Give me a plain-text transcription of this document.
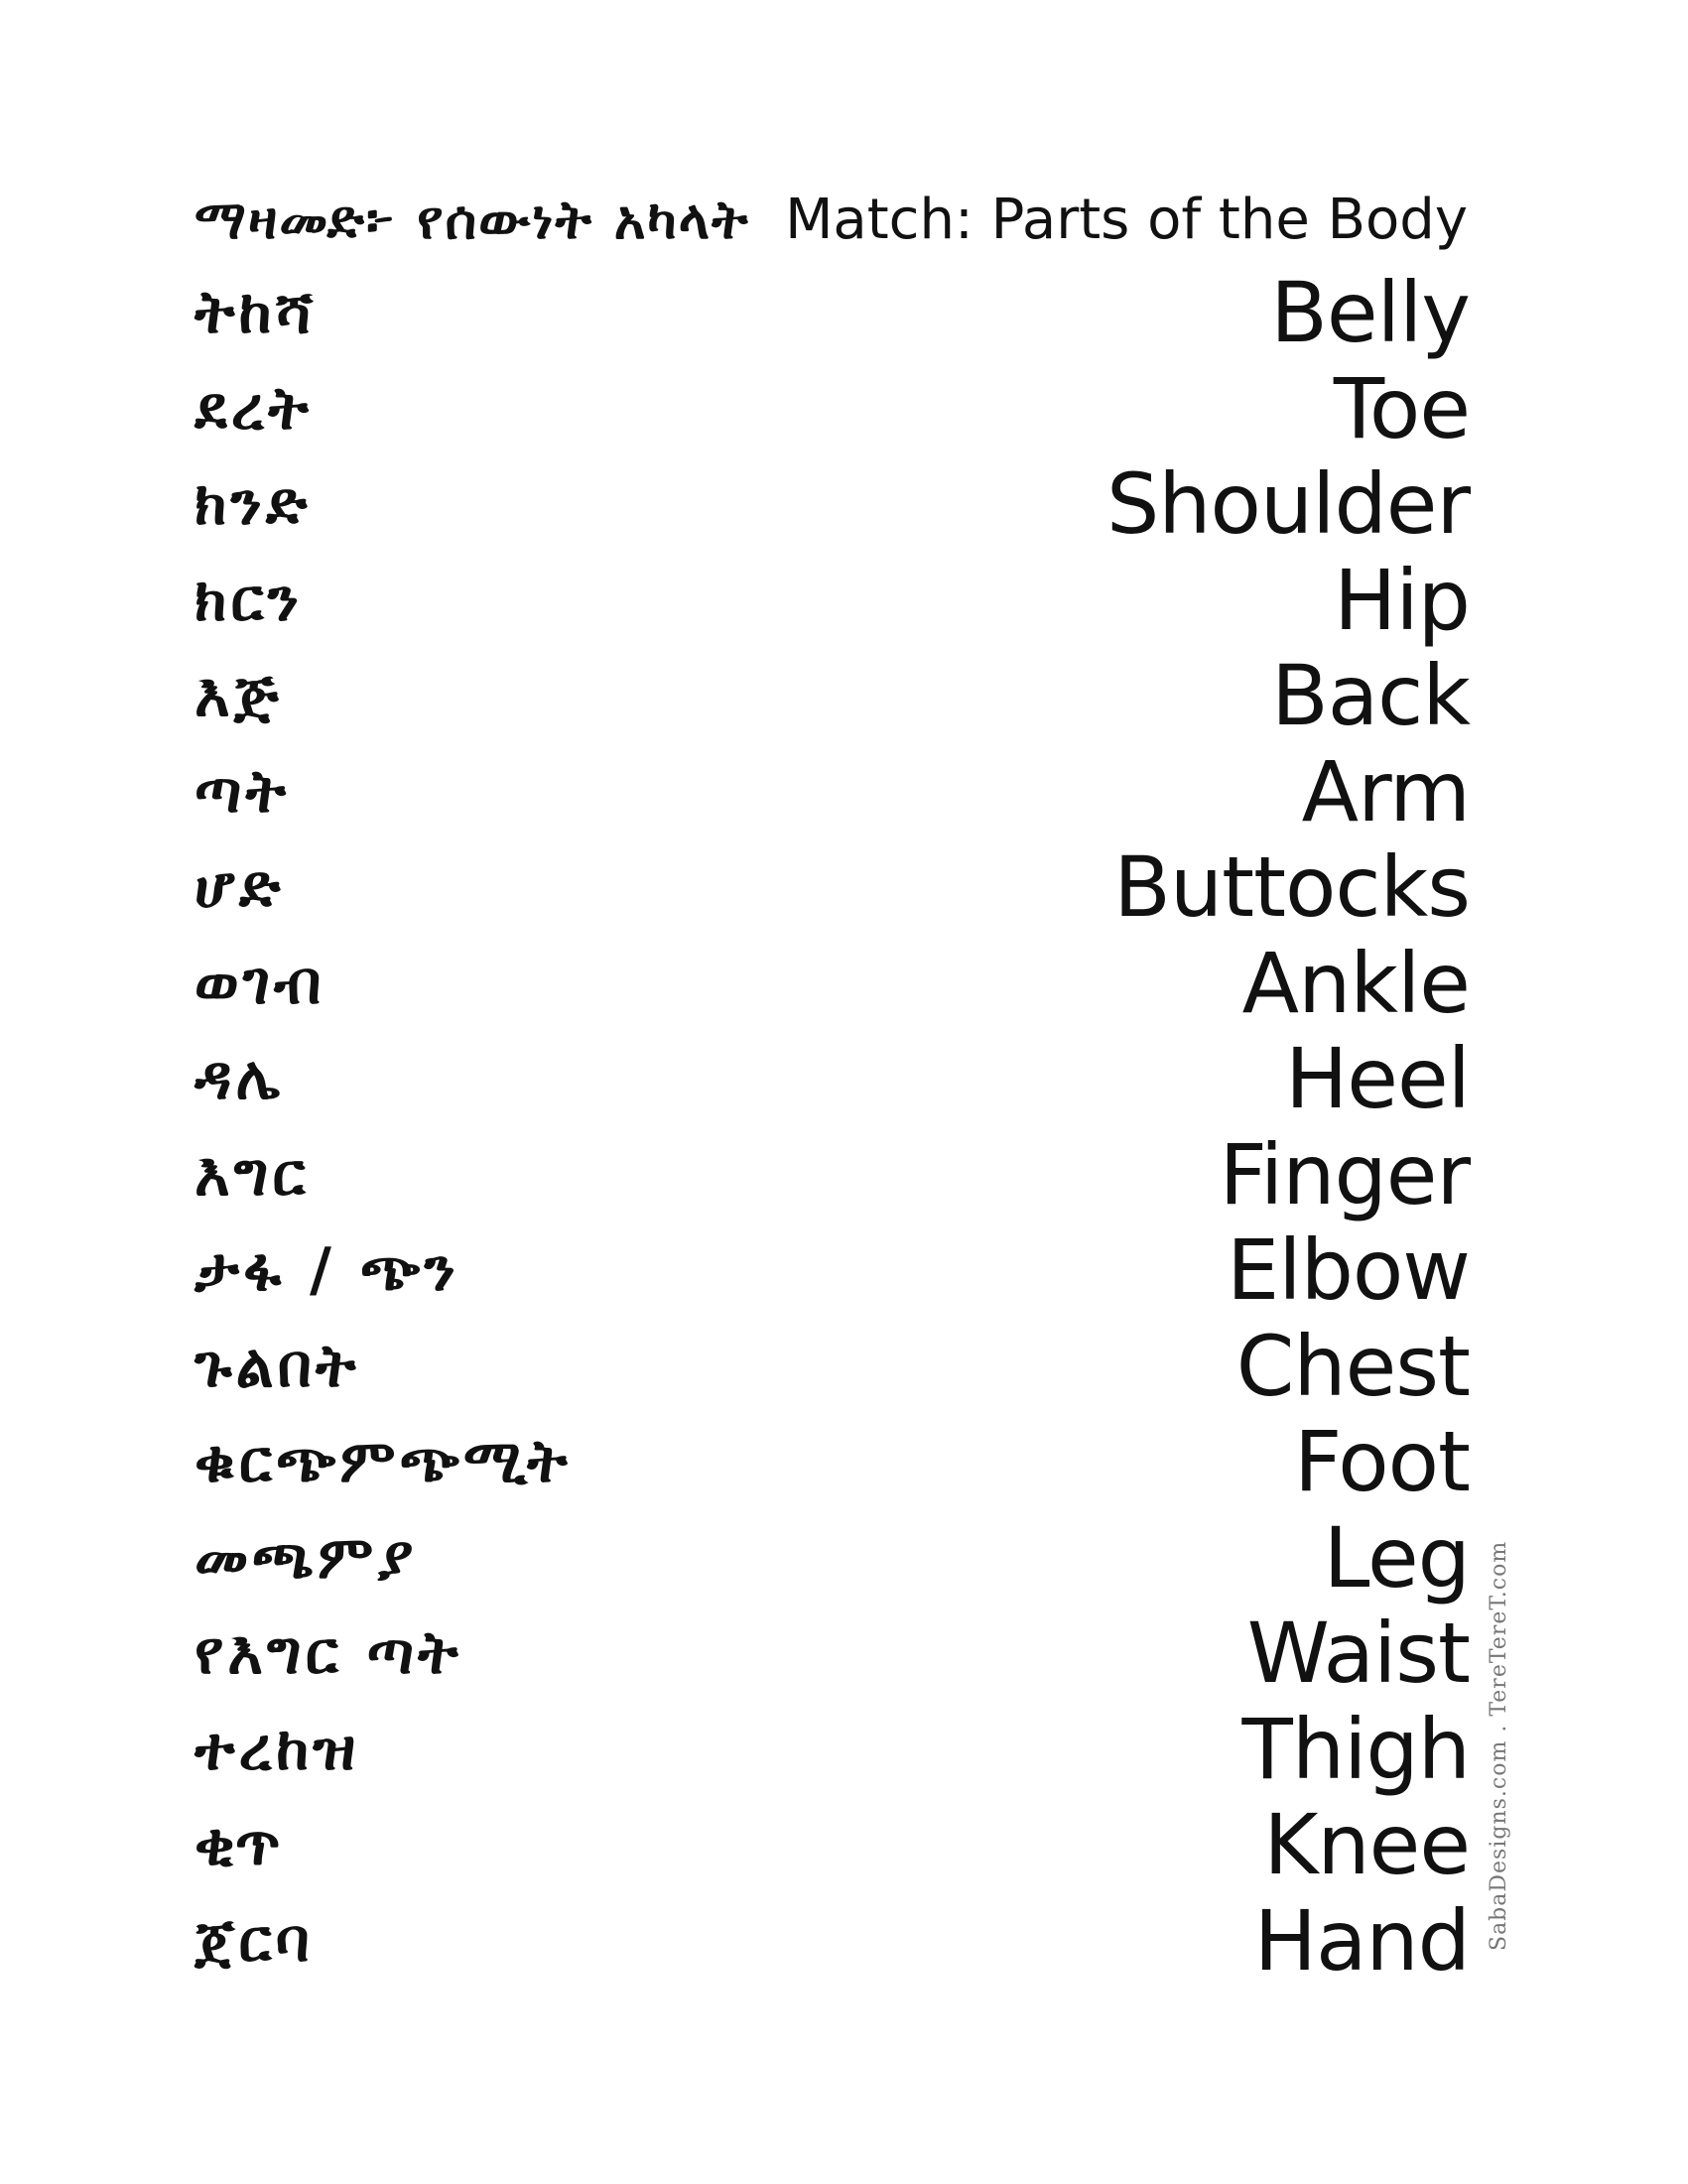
ማዛመድ፦ የሰውነት አካላት Match: Parts of the Body
ትከሻ	Belly
ደረት	Toe
ክንድ	Shoulder
ክርን	Hip
እጅ	Back
ጣት	Arm
ሆድ	Buttocks
ወገብ	Ankle
ዳሌ	Heel
እግር	Finger
ታፋ / ጭን	Elbow
ጉልበት	Chest
ቁርጭምጭሚት	Foot
መጫምያ	Leg
የእግር ጣት	Waist
ተረከዝ	Thigh
ቂጥ	Knee
ጀርባ	Hand SabaDesigns.com . TereTereT.com
